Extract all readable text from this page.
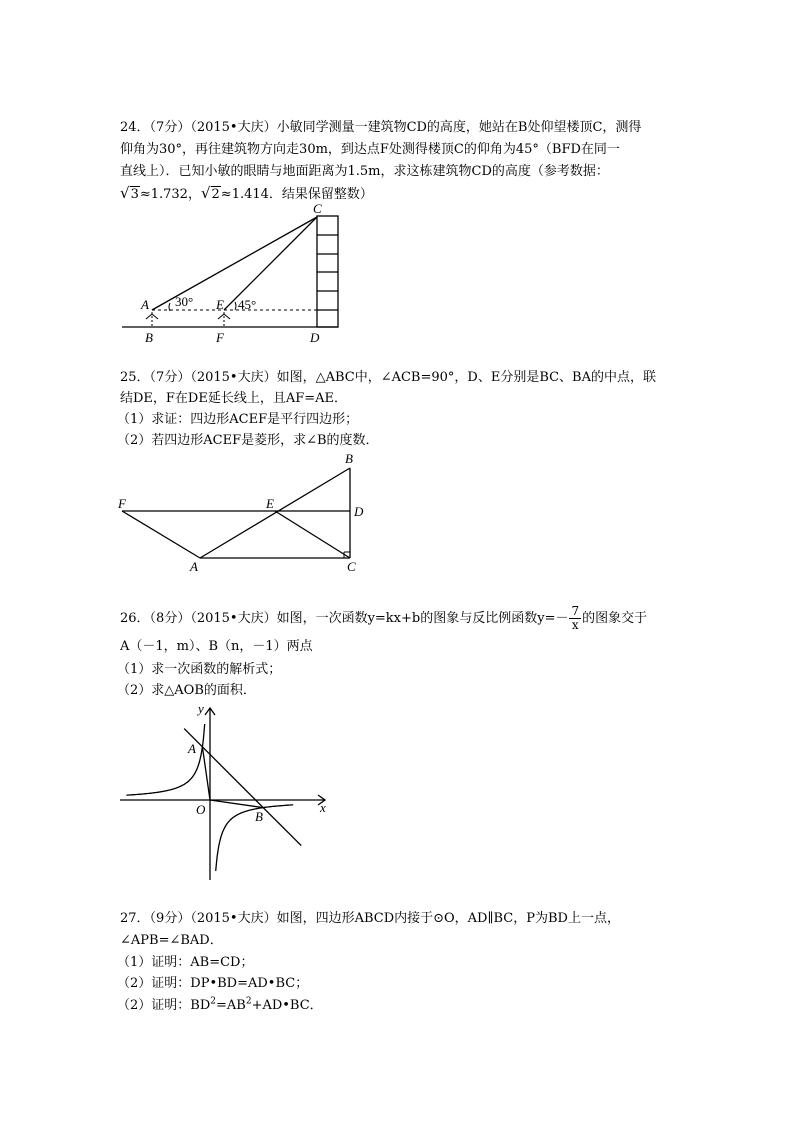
24．（7分）（2015•大庆）小敏同学测量一建筑物CD的高度，她站在B处仰望楼顶C，测得
仰角为30°，再往建筑物方向走30m，到达点F处测得楼顶C的仰角为45°（BFD在同一
直线上）．已知小敏的眼睛与地面距离为1.5m，求这栋建筑物CD的高度（参考数据：
√3≈1.732，√2≈1.414．结果保留整数）
C
A	E
30°	45°
B	F	D
B
F	E
D
A	C
y
x
O
A
B
25．（7分）（2015•大庆）如图，△ABC中，∠ACB=90°，D、E分别是BC、BA的中点，联
结DE，F在DE延长线上，且AF=AE．
（1）求证：四边形ACEF是平行四边形；
（2）若四边形ACEF是菱形，求∠B的度数．
26．（8分）（2015•大庆）如图，一次函数y=kx+b的图象与反比例函数$y=- \frac{7}{x}$ 的图象交于
A（－1，m）、B（n，－1）两点
（1）求一次函数的解析式；
（2）求△AOB的面积．
27．（9分）（2015•大庆）如图，四边形ABCD内接于⊙O，AD∥BC，P为BD上一点，
∠APB=∠BAD．
（1）证明：AB=CD；
（2）证明：DP•BD=AD•BC；
（2）证明：$BD^2=AB^2+AD•BC$．
